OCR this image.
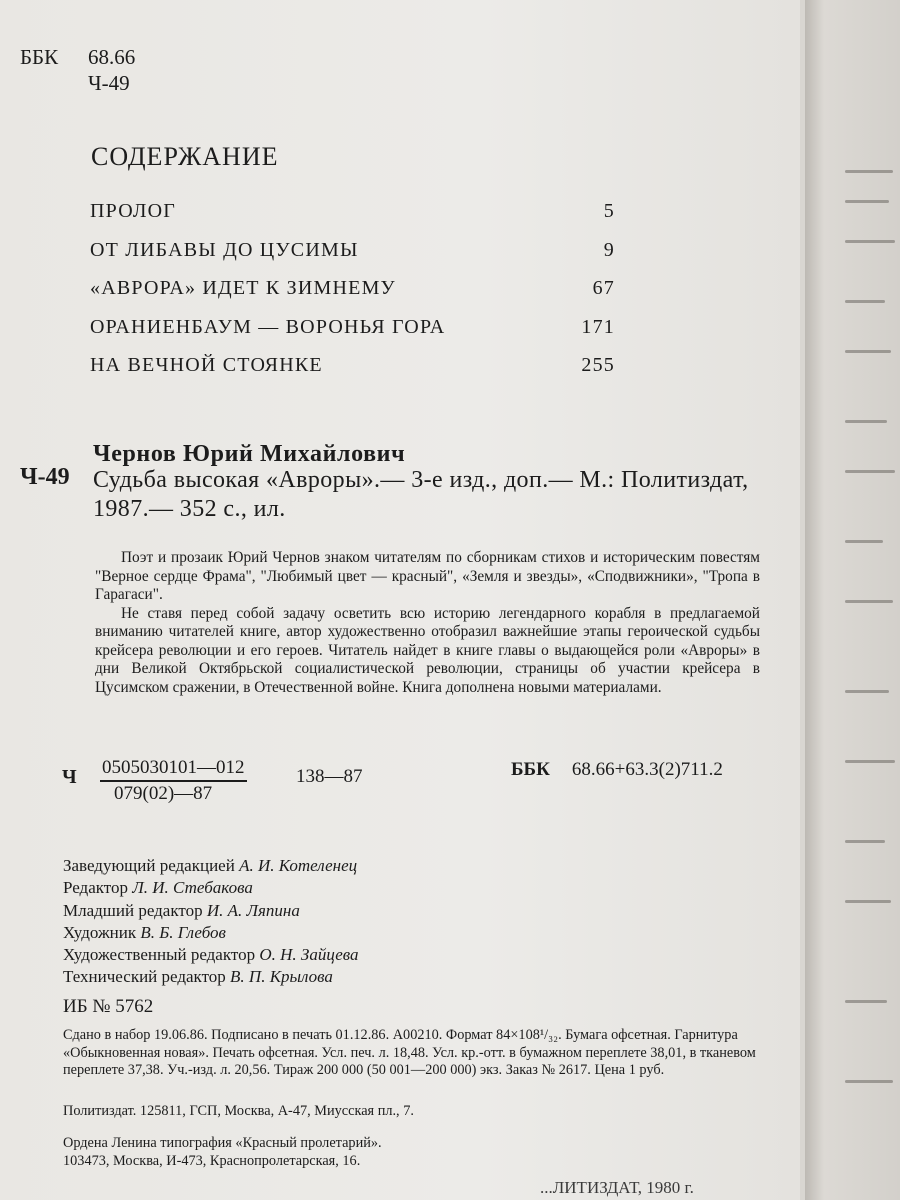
ББК	68.66
Ч-49
СОДЕРЖАНИЕ
ПРОЛОГ	5
ОТ ЛИБАВЫ ДО ЦУСИМЫ	9
«АВРОРА» ИДЕТ К ЗИМНЕМУ	67
ОРАНИЕНБАУМ — ВОРОНЬЯ ГОРА	171
НА ВЕЧНОЙ СТОЯНКЕ	255
Чернов Юрий Михайлович
Ч-49 Судьба высокая «Авроры».— 3-е изд., доп.— М.: Политиздат, 1987.— 352 с., ил.

Поэт и прозаик Юрий Чернов знаком читателям по сборникам стихов и историческим повестям "Верное сердце Фрама", "Любимый цвет — красный", «Земля и звезды», «Сподвижники», "Тропа в Гарагаси".

Не ставя перед собой задачу осветить всю историю легендарного корабля в предлагаемой вниманию читателей книге, автор художественно отобразил важнейшие этапы героической судьбы крейсера революции и его героев. Читатель найдет в книге главы о выдающейся роли «Авроры» в дни Великой Октябрьской социалистической революции, страницы об участии крейсера в Цусимском сражении, в Отечественной войне. Книга дополнена новыми материалами.

Ч $\frac{0505030101—012}{079(02)—87}$	138—87	ББК 68.66+63.3(2)711.2
Заведующий редакцией А. И. Котеленец
Редактор Л. И. Стебакова
Младший редактор И. А. Ляпина
Художник В. Б. Глебов
Художественный редактор О. Н. Зайцева
Технический редактор В. П. Крылова
ИБ № 5762
Сдано в набор 19.06.86. Подписано в печать 01.12.86. А00210. Формат 84×108¹/₃₂. Бумага офсетная. Гарнитура «Обыкновенная новая». Печать офсетная. Усл. печ. л. 18,48. Усл. кр.-отт. в бумажном переплете 38,01, в тканевом переплете 37,38. Уч.-изд. л. 20,56. Тираж 200 000 (50 001—200 000) экз. Заказ № 2617. Цена 1 руб.
Политиздат. 125811, ГСП, Москва, А-47, Миусская пл., 7.
Ордена Ленина типография «Красный пролетарий».
103473, Москва, И-473, Краснопролетарская, 16.
...ЛИТИЗДАТ, 1980 г.
